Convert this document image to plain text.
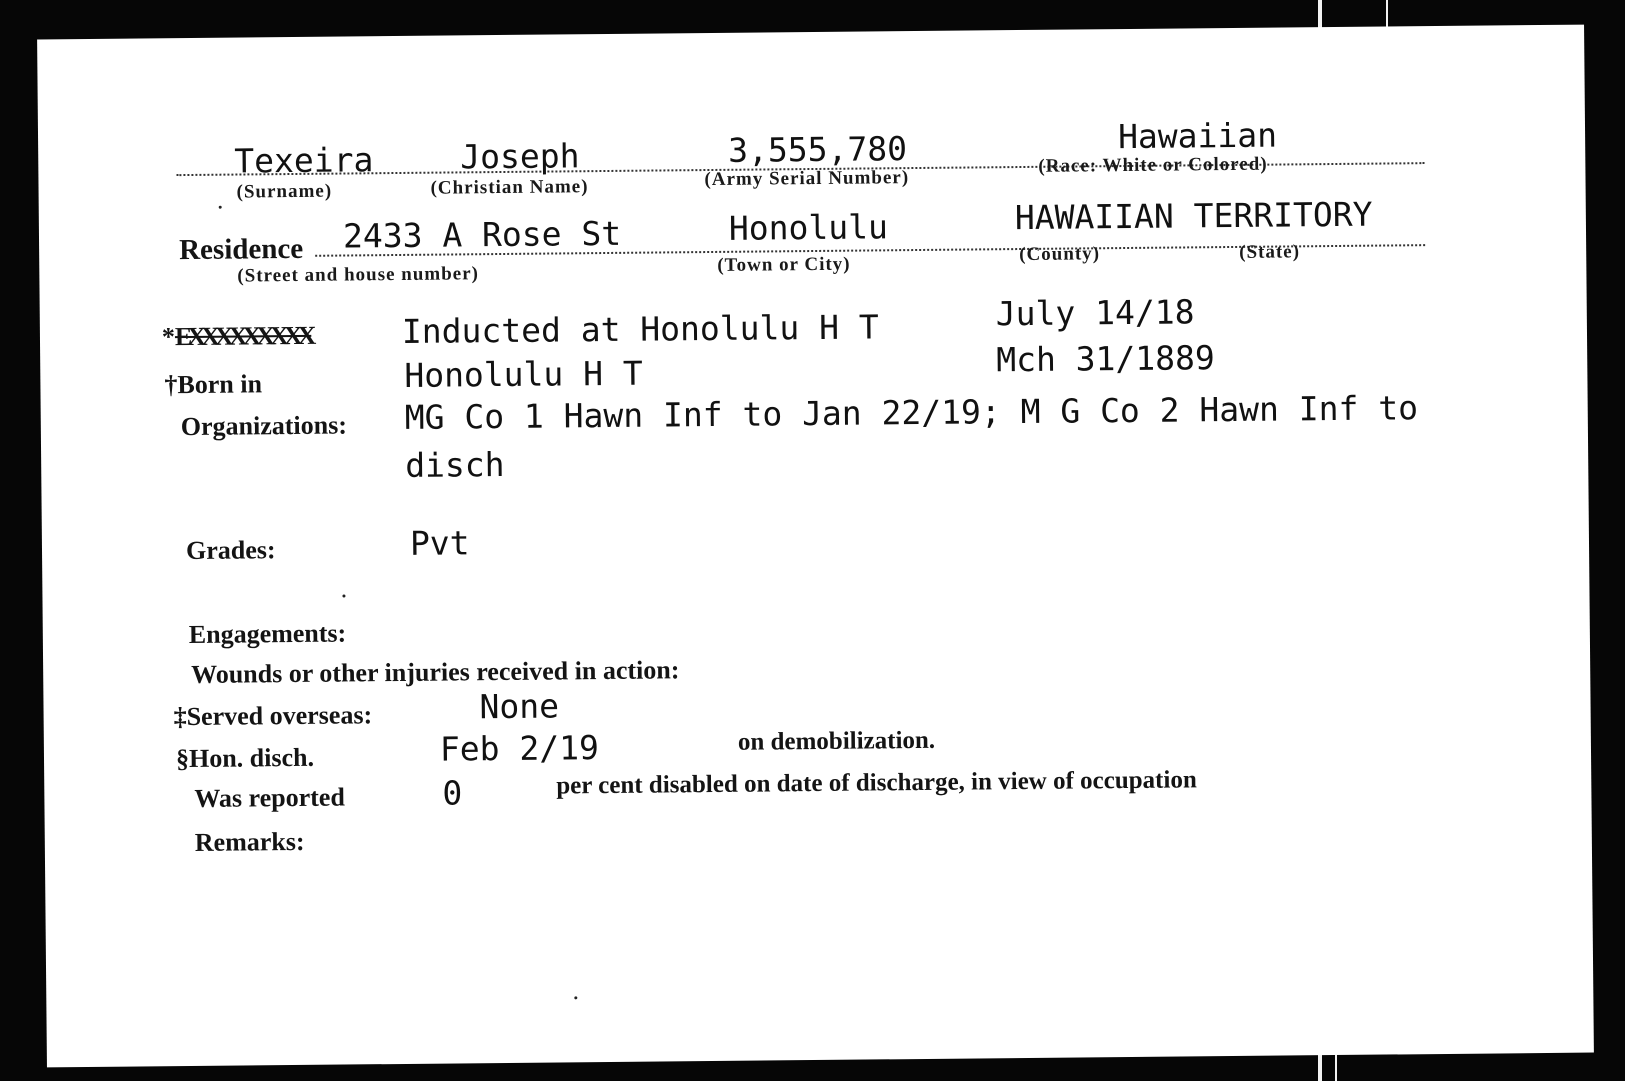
Texeira	Joseph	3,555,780	Hawaiian
(Surname)	(Christian Name)	(Army Serial Number)
(Race: White or Colored)
Residence 2433 A Rose St	Honolulu	HAWAIIAN TERRITORY
(Street and house number)	(Town or City)	(County)	(State)
*EXXXXXXXXX	Inducted at Honolulu H T	July 14/18
†Born in	Honolulu H T	Mch 31/1889
Organizations: MG Co 1 Hawn Inf to Jan 22/19; M G Co 2 Hawn Inf to
disch
Grades:	Pvt
Engagements:
Wounds or other injuries received in action:
‡Served overseas:	None
§Hon. disch.	Feb 2/19	on demobilization.
Was reported	0	per cent disabled on date of discharge, in view of occupation
Remarks:
